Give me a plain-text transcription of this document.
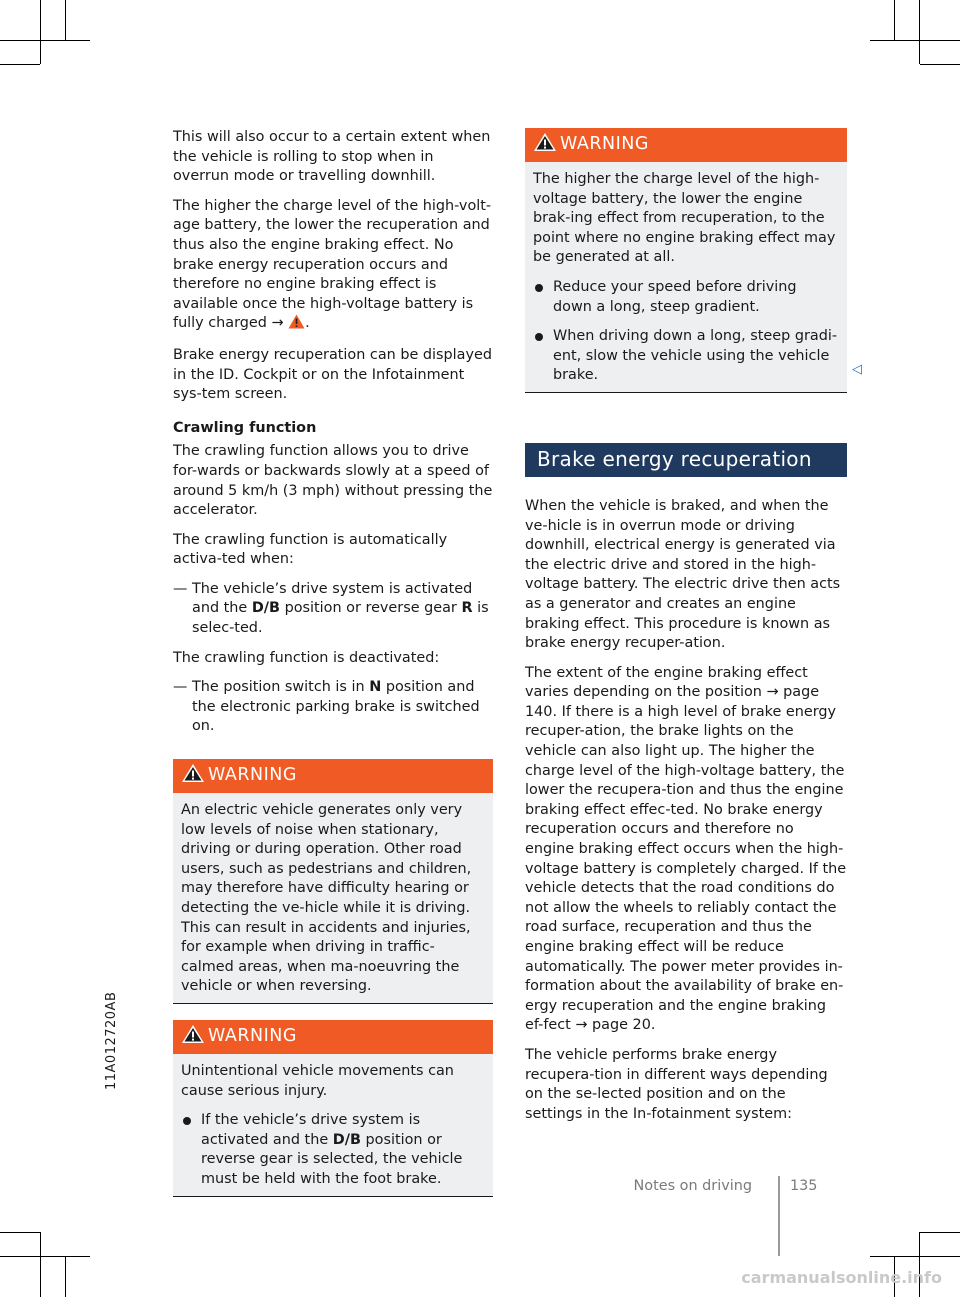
This will also occur to a certain extent when the vehicle is rolling to stop when in overrun mode or travelling downhill.

The higher the charge level of the high-volt-age battery, the lower the recuperation and thus also the engine braking effect. No brake energy recuperation occurs and therefore no engine braking effect is available once the high-voltage battery is fully charged → .

Brake energy recuperation can be displayed in the ID. Cockpit or on the Infotainment sys-tem screen.

Crawling function

The crawling function allows you to drive for-wards or backwards slowly at a speed of around 5 km/h (3 mph) without pressing the accelerator.

The crawling function is automatically activa-ted when:

— The vehicle’s drive system is activated and the D/B position or reverse gear R is selec-ted.

The crawling function is deactivated:

— The position switch is in N position and the electronic parking brake is switched on.
WARNING

An electric vehicle generates only very low levels of noise when stationary, driving or during operation. Other road users, such as pedestrians and children, may therefore have difficulty hearing or detecting the ve-hicle while it is driving. This can result in accidents and injuries, for example when driving in traffic-calmed areas, when ma-noeuvring the vehicle or when reversing.

WARNING

Unintentional vehicle movements can cause serious injury.

If the vehicle’s drive system is activated and the D/B position or reverse gear is selected, the vehicle must be held with the foot brake.
WARNING

The higher the charge level of the high-voltage battery, the lower the engine brak-ing effect from recuperation, to the point where no engine braking effect may be generated at all.

Reduce your speed before driving down a long, steep gradient.
When driving down a long, steep gradi-ent, slow the vehicle using the vehicle brake.
Brake energy recuperation

When the vehicle is braked, and when the ve-hicle is in overrun mode or driving downhill, electrical energy is generated via the electric drive and stored in the high-voltage battery. The electric drive then acts as a generator and creates an engine braking effect. This procedure is known as brake energy recuper-ation.

The extent of the engine braking effect varies depending on the position → page 140. If there is a high level of brake energy recuper-ation, the brake lights on the vehicle can also light up. The higher the charge level of the high-voltage battery, the lower the recupera-tion and thus the engine braking effect effec-ted. No brake energy recuperation occurs and therefore no engine braking effect occurs when the high-voltage battery is completely charged. If the vehicle detects that the road conditions do not allow the wheels to reliably contact the road surface, recuperation and thus the engine braking effect will be reduce automatically. The power meter provides in-formation about the availability of brake en-ergy recuperation and the engine braking ef-fect → page 20.

The vehicle performs brake energy recupera-tion in different ways depending on the se-lected position and on the settings in the In-fotainment system:

◁
11A012720AB
Notes on driving	135
carmanualsonline.info
